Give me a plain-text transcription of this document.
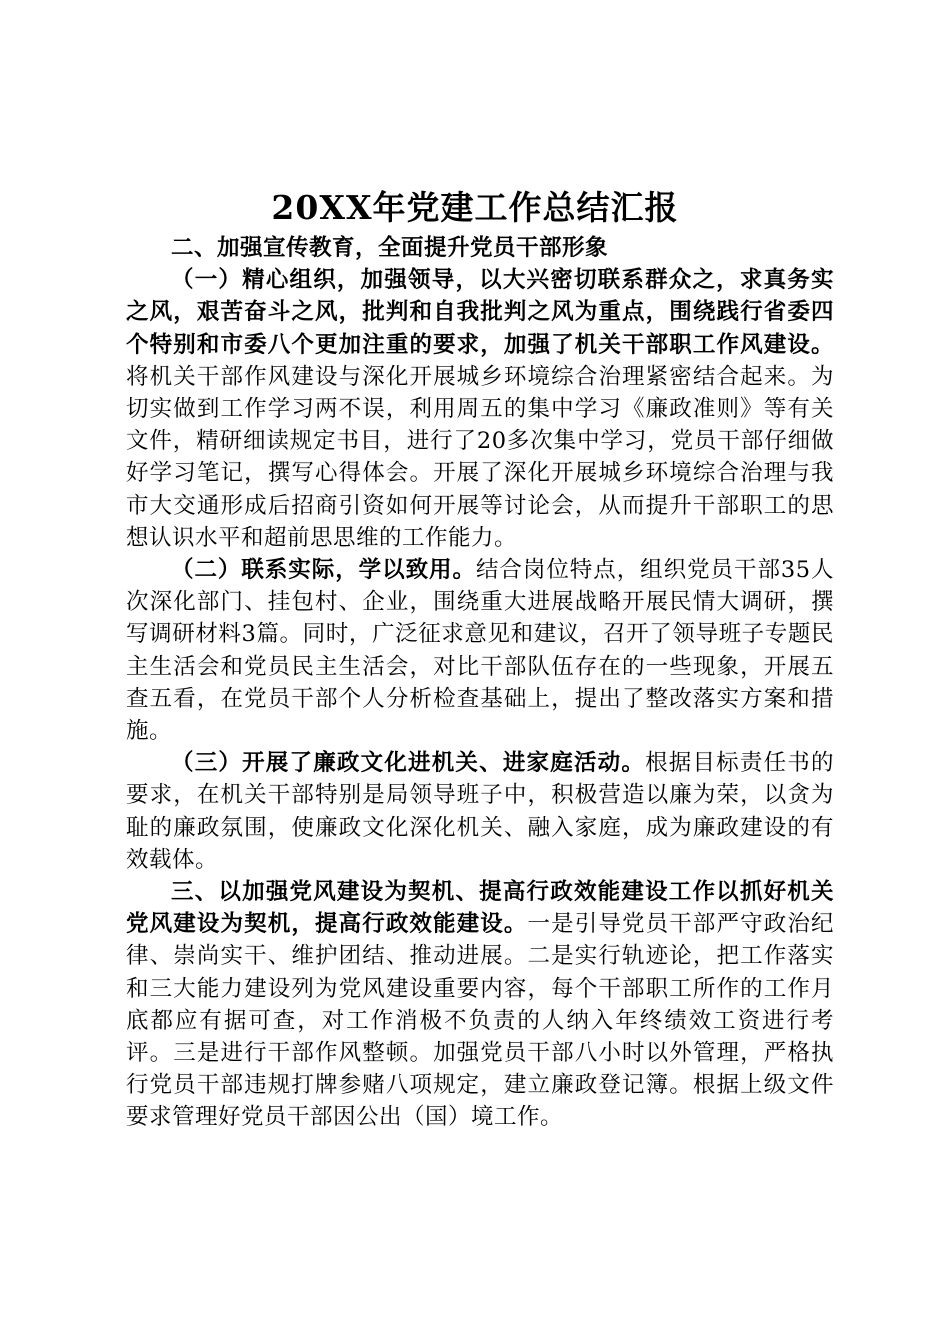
20XX年党建工作总结汇报

二、加强宣传教育，全面提升党员干部形象

（一）精心组织，加强领导，以大兴密切联系群众之，求真务实之风，艰苦奋斗之风，批判和自我批判之风为重点，围绕践行省委四个特别和市委八个更加注重的要求，加强了机关干部职工作风建设。将机关干部作风建设与深化开展城乡环境综合治理紧密结合起来。为切实做到工作学习两不误，利用周五的集中学习《廉政准则》等有关文件，精研细读规定书目，进行了20多次集中学习，党员干部仔细做好学习笔记，撰写心得体会。开展了深化开展城乡环境综合治理与我市大交通形成后招商引资如何开展等讨论会，从而提升干部职工的思想认识水平和超前思思维的工作能力。

（二）联系实际，学以致用。结合岗位特点，组织党员干部35人次深化部门、挂包村、企业，围绕重大进展战略开展民情大调研，撰写调研材料3篇。同时，广泛征求意见和建议，召开了领导班子专题民主生活会和党员民主生活会，对比干部队伍存在的一些现象，开展五查五看，在党员干部个人分析检查基础上，提出了整改落实方案和措施。

（三）开展了廉政文化进机关、进家庭活动。根据目标责任书的要求，在机关干部特别是局领导班子中，积极营造以廉为荣，以贪为耻的廉政氛围，使廉政文化深化机关、融入家庭，成为廉政建设的有效载体。

三、以加强党风建设为契机、提高行政效能建设工作以抓好机关党风建设为契机，提高行政效能建设。一是引导党员干部严守政治纪律、崇尚实干、维护团结、推动进展。二是实行轨迹论，把工作落实和三大能力建设列为党风建设重要内容，每个干部职工所作的工作月底都应有据可查，对工作消极不负责的人纳入年终绩效工资进行考评。三是进行干部作风整顿。加强党员干部八小时以外管理，严格执行党员干部违规打牌参赌八项规定，建立廉政登记簿。根据上级文件要求管理好党员干部因公出（国）境工作。
